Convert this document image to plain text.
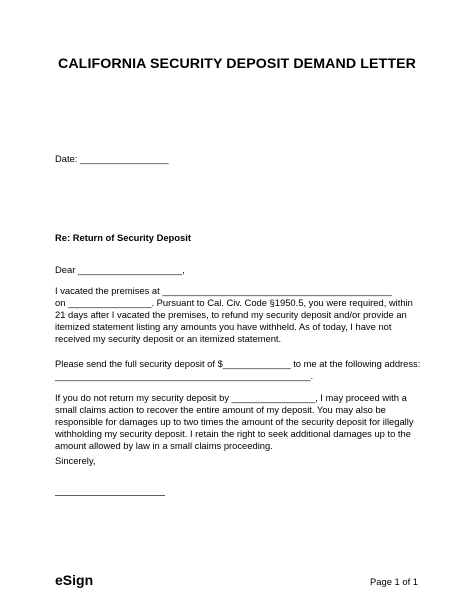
CALIFORNIA SECURITY DEPOSIT DEMAND LETTER
Date: _________________
Re: Return of Security Deposit
Dear ____________________,
I vacated the premises at ____________________________________________
on ________________. Pursuant to Cal. Civ. Code §1950.5, you were required, within
21 days after I vacated the premises, to refund my security deposit and/or provide an
itemized statement listing any amounts you have withheld. As of today, I have not
received my security deposit or an itemized statement.
Please send the full security deposit of $_____________ to me at the following address:
_________________________________________________.
If you do not return my security deposit by ________________, I may proceed with a
small claims action to recover the entire amount of my deposit. You may also be
responsible for damages up to two times the amount of the security deposit for illegally
withholding my security deposit. I retain the right to seek additional damages up to the
amount allowed by law in a small claims proceeding.
Sincerely,
eSign	Page 1 of 1
